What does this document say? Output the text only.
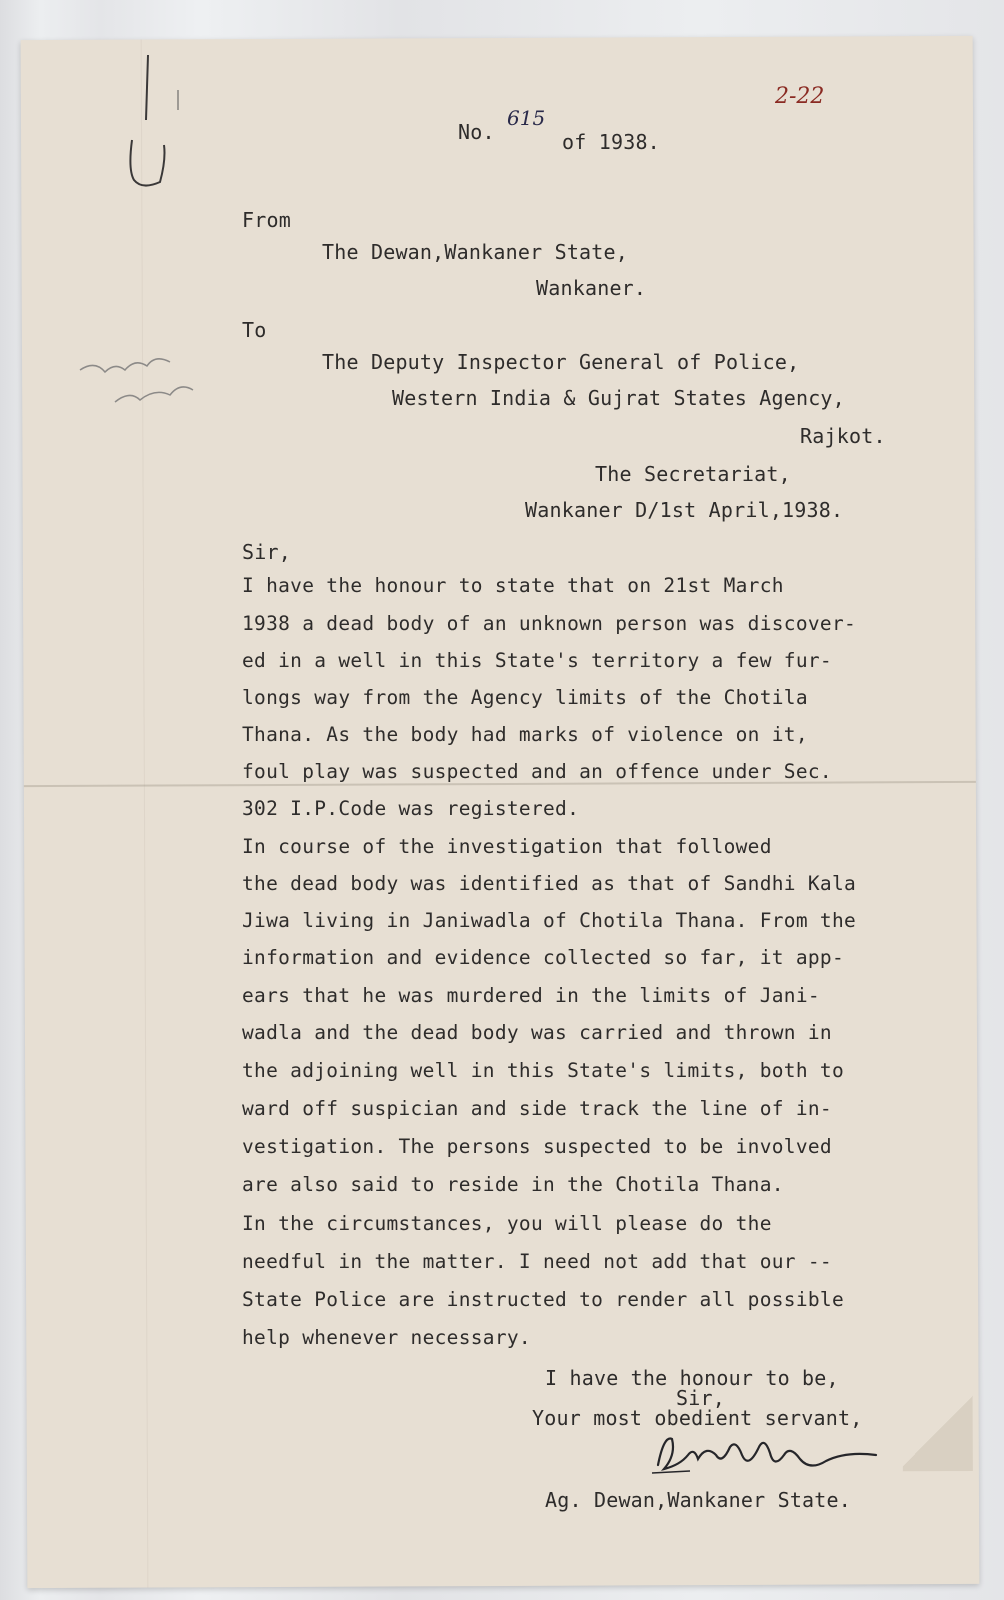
No.
615
of 1938.
2-22
From
The Dewan,Wankaner State,
Wankaner.
To
The Deputy Inspector General of Police,
Western India & Gujrat States Agency,
Rajkot.
The Secretariat,
Wankaner D/1st April,1938.
Sir,
I have the honour to state that on 21st March
1938 a dead body of an unknown person was discover-
ed in a well in this State's territory a few fur-
longs way from the Agency limits of the Chotila
Thana. As the body had marks of violence on it,
foul play was suspected and an offence under Sec.
302 I.P.Code was registered.
In course of the investigation that followed
the dead body was identified as that of Sandhi Kala
Jiwa living in Janiwadla of Chotila Thana. From the
information and evidence collected so far, it app-
ears that he was murdered in the limits of Jani-
wadla and the dead body was carried and thrown in
the adjoining well in this State's limits, both to
ward off suspician and side track the line of in-
vestigation. The persons suspected to be involved
are also said to reside in the Chotila Thana.
In the circumstances, you will please do the
needful in the matter. I need not add that our --
State Police are instructed to render all possible
help whenever necessary.
I have the honour to be,
Sir,
Your most obedient servant,
Ag. Dewan,Wankaner State.
